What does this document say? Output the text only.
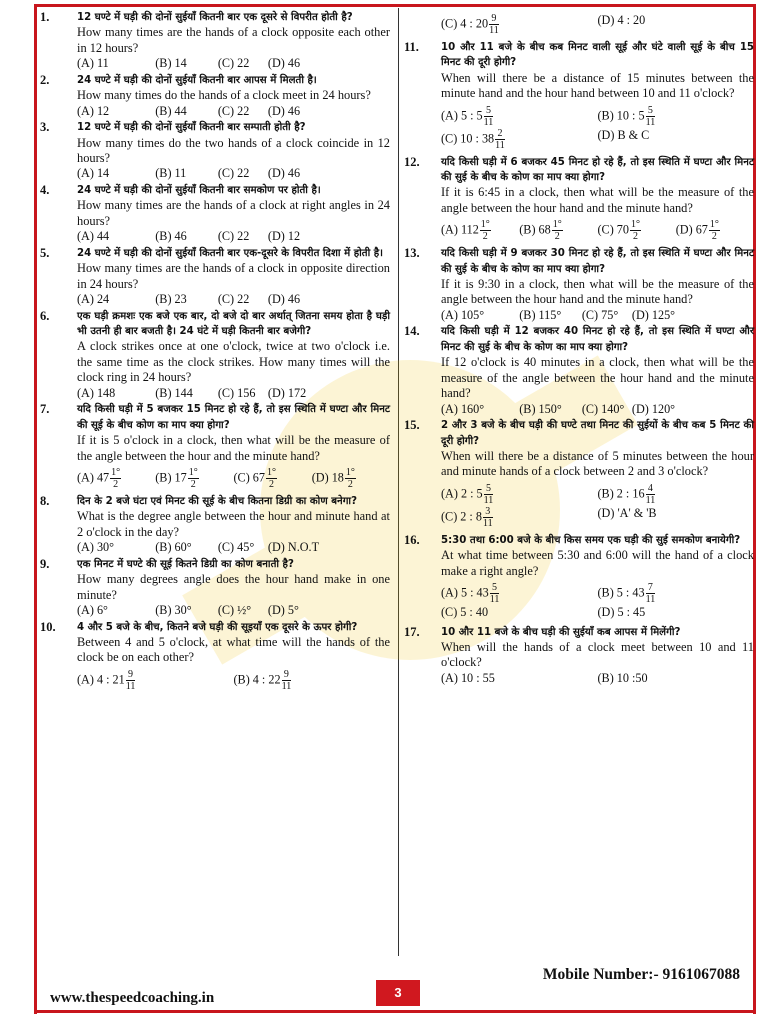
1.	12 घण्टे में घड़ी की दोनों सुईयाँ कितनी बार एक दूसरे से विपरीत होती है?
How many times are the hands of a clock opposite each other in 12 hours?
(A) 11	(B) 14	(C) 22	(D) 46
2.	24 घण्टे में घड़ी की दोनों सुईयाँ कितनी बार आपस में मिलती है।
How many times do the hands of a clock meet in 24 hours?
(A) 12	(B) 44	(C) 22	(D) 46
3.	12 घण्टे में घड़ी की दोनों सुईयाँ कितनी बार सम्पाती होती है?
How many times do the two hands of a clock coincide in 12 hours?
(A) 14	(B) 11	(C) 22	(D) 46
4.	24 घण्टे में घड़ी की दोनों सुईयाँ कितनी बार समकोण पर होती है।
How many times are the hands of a clock at right angles in 24 hours?
(A) 44	(B) 46	(C) 22	(D) 12
5.	24 घण्टे में घड़ी की दोनों सुईयाँ कितनी बार एक-दूसरे के विपरीत दिशा में होती है।
How many times are the hands of a clock in opposite direction in 24 hours?
(A) 24	(B) 23	(C) 22	(D) 46
6.	एक घड़ी क्रमशः एक बजे एक बार, दो बजे दो बार अर्थात् जितना समय होता है घड़ी भी उतनी ही बार बजती है। 24 घंटे में घड़ी कितनी बार बजेगी?
A clock strikes once at one o'clock, twice at two o'clock i.e. the same time as the clock strikes. How many times will the clock ring in 24 hours?
(A) 148	(B) 144	(C) 156	(D) 172
7.	यदि किसी घड़ी में 5 बजकर 15 मिनट हो रहे हैं, तो इस स्थिति में घण्टा और मिनट की सूई के बीच कोण का माप क्या होगा?
If it is 5 o'clock in a clock, then what will be the measure of the angle between the hour and the minute hand?
(A) $47 \frac{1^\circ}{2}$	(B) $17 \frac{1^\circ}{2}$	(C) $67 \frac{1^\circ}{2}$	(D) $18 \frac{1^\circ}{2}$
8.	दिन के 2 बजे घंटा एवं मिनट की सूई के बीच कितना डिग्री का कोण बनेगा?
What is the degree angle between the hour and minute hand at 2 o'clock in the day?
(A) 30°	(B) 60°	(C) 45°	(D) N.O.T
9.	एक मिनट में घण्टे की सूई कितने डिग्री का कोण बनाती है?
How many degrees angle does the hour hand make in one minute?
(A) 6°	(B) 30°	(C) ½°	(D) 5°
10.	4 और 5 बजे के बीच, कितने बजे घड़ी की सूइयाँ एक दूसरे के ऊपर होगी?
Between 4 and 5 o'clock, at what time will the hands of the clock be on each other?
(A) 4 : $21 \frac{9}{11}$	(B) 4 : $22 \frac{9}{11}$
(C) 4 : $20 \frac{9}{11}$	(D) 4 : 20
11.	10 और 11 बजे के बीच कब मिनट वाली सूई और घंटे वाली सूई के बीच 15 मिनट की दूरी होगी?
When will there be a distance of 15 minutes between the minute hand and the hour hand between 10 and 11 o'clock?
(A) 5 : $5 \frac{5}{11}$	(B) 10 : $5 \frac{5}{11}$
(C) 10 : $38 \frac{2}{11}$	(D) B & C
12.	यदि किसी घड़ी में 6 बजकर 45 मिनट हो रहे हैं, तो इस स्थिति में घण्टा और मिनट की सुई के बीच के कोण का माप क्या होगा?
If it is 6:45 in a clock, then what will be the measure of the angle between the hour hand and the minute hand?
(A) $112 \frac{1^\circ}{2} (B)$ $68 \frac{1^\circ}{2}$	(C) $70 \frac{1^\circ}{2}$	(D) $67 \frac{1^\circ}{2}$
13.	यदि किसी घड़ी में 9 बजकर 30 मिनट हो रहे हैं, तो इस स्थिति में घण्टा और मिनट की सुई के बीच के कोण का माप क्या होगा?
If it is 9:30 in a clock, then what will be the measure of the angle between the hour hand and the minute hand?
(A) 105°	(B) 115°	(C) 75°	(D) 125°
14.	यदि किसी घड़ी में 12 बजकर 40 मिनट हो रहे हैं, तो इस स्थिति में घण्टा और मिनट की सुई के बीच के कोण का माप क्या होगा?
If 12 o'clock is 40 minutes in a clock, then what will be the measure of the angle between the hour hand and the minute hand?
(A) 160°	(B) 150°	(C) 140° (D) 120°
15.	2 और 3 बजे के बीच घड़ी की घण्टे तथा मिनट की सुईयों के बीच कब 5 मिनट की दूरी होगी?
When will there be a distance of 5 minutes between the hour and minute hands of a clock between 2 and 3 o'clock?
(A) 2 : $5 \frac{5}{11}$	(B) 2 : $16 \frac{4}{11}$
(C) 2 : $8 \frac{3}{11}$	(D) 'A' & 'B
16.	5:30 तथा 6:00 बजे के बीच किस समय एक घड़ी की सुई समकोण बनायेगी?
At what time between 5:30 and 6:00 will the hand of a clock make a right angle?
(A) 5 : $43 \frac{5}{11}$	(B) 5 : $43 \frac{7}{11}$
(C) 5 : 40	(D) 5 : 45
17.	10 और 11 बजे के बीच घड़ी की सुईयाँ कब आपस में मिलेंगी?
When will the hands of a clock meet between 10 and 11 o'clock?
(A) 10 : 55	(B) 10 :50
www.thespeedcoaching.in	3
Mobile Number:- 9161067088
